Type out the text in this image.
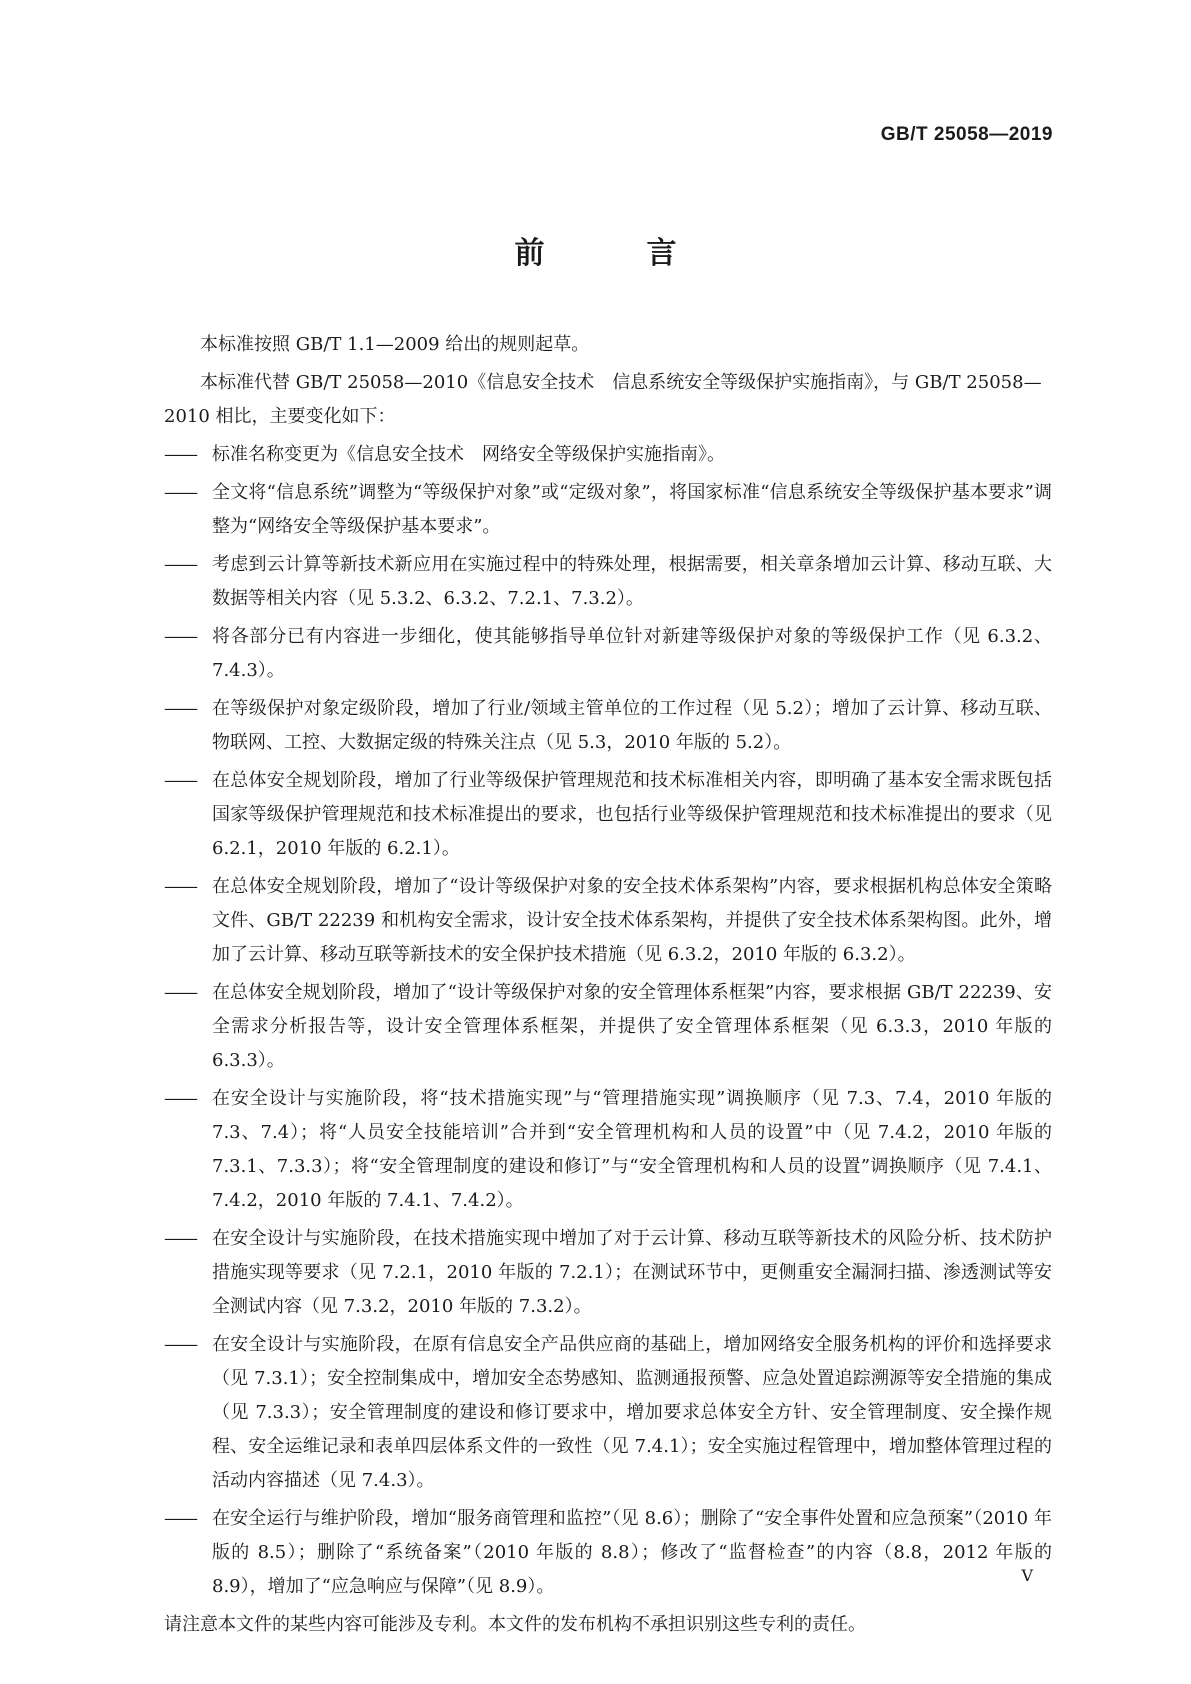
GB/T 25058—2019
前　言

本标准按照 GB/T 1.1—2009 给出的规则起草。

本标准代替 GB/T 25058—2010《信息安全技术　信息系统安全等级保护实施指南》，与 GB/T 25058—2010 相比，主要变化如下：

—— 标准名称变更为《信息安全技术　网络安全等级保护实施指南》。
—— 全文将“信息系统”调整为“等级保护对象”或“定级对象”，将国家标准“信息系统安全等级保护基本要求”调整为“网络安全等级保护基本要求”。
—— 考虑到云计算等新技术新应用在实施过程中的特殊处理，根据需要，相关章条增加云计算、移动互联、大数据等相关内容（见 5.3.2、6.3.2、7.2.1、7.3.2）。
—— 将各部分已有内容进一步细化，使其能够指导单位针对新建等级保护对象的等级保护工作（见 6.3.2、7.4.3）。
—— 在等级保护对象定级阶段，增加了行业/领域主管单位的工作过程（见 5.2）；增加了云计算、移动互联、物联网、工控、大数据定级的特殊关注点（见 5.3，2010 年版的 5.2）。
—— 在总体安全规划阶段，增加了行业等级保护管理规范和技术标准相关内容，即明确了基本安全需求既包括国家等级保护管理规范和技术标准提出的要求，也包括行业等级保护管理规范和技术标准提出的要求（见 6.2.1，2010 年版的 6.2.1）。
—— 在总体安全规划阶段，增加了“设计等级保护对象的安全技术体系架构”内容，要求根据机构总体安全策略文件、GB/T 22239 和机构安全需求，设计安全技术体系架构，并提供了安全技术体系架构图。此外，增加了云计算、移动互联等新技术的安全保护技术措施（见 6.3.2，2010 年版的 6.3.2）。
—— 在总体安全规划阶段，增加了“设计等级保护对象的安全管理体系框架”内容，要求根据 GB/T 22239、安全需求分析报告等，设计安全管理体系框架，并提供了安全管理体系框架（见 6.3.3，2010 年版的 6.3.3）。
—— 在安全设计与实施阶段，将“技术措施实现”与“管理措施实现”调换顺序（见 7.3、7.4，2010 年版的 7.3、7.4）；将“人员安全技能培训”合并到“安全管理机构和人员的设置”中（见 7.4.2，2010 年版的 7.3.1、7.3.3）；将“安全管理制度的建设和修订”与“安全管理机构和人员的设置”调换顺序（见 7.4.1、7.4.2，2010 年版的 7.4.1、7.4.2）。
—— 在安全设计与实施阶段，在技术措施实现中增加了对于云计算、移动互联等新技术的风险分析、技术防护措施实现等要求（见 7.2.1，2010 年版的 7.2.1）；在测试环节中，更侧重安全漏洞扫描、渗透测试等安全测试内容（见 7.3.2，2010 年版的 7.3.2）。
—— 在安全设计与实施阶段，在原有信息安全产品供应商的基础上，增加网络安全服务机构的评价和选择要求（见 7.3.1）；安全控制集成中，增加安全态势感知、监测通报预警、应急处置追踪溯源等安全措施的集成（见 7.3.3）；安全管理制度的建设和修订要求中，增加要求总体安全方针、安全管理制度、安全操作规程、安全运维记录和表单四层体系文件的一致性（见 7.4.1）；安全实施过程管理中，增加整体管理过程的活动内容描述（见 7.4.3）。
—— 在安全运行与维护阶段，增加“服务商管理和监控”（见 8.6）；删除了“安全事件处置和应急预案”（2010 年版的 8.5）；删除了“系统备案”（2010 年版的 8.8）；修改了“监督检查”的内容（8.8，2012 年版的 8.9），增加了“应急响应与保障”（见 8.9）。

请注意本文件的某些内容可能涉及专利。本文件的发布机构不承担识别这些专利的责任。

V
